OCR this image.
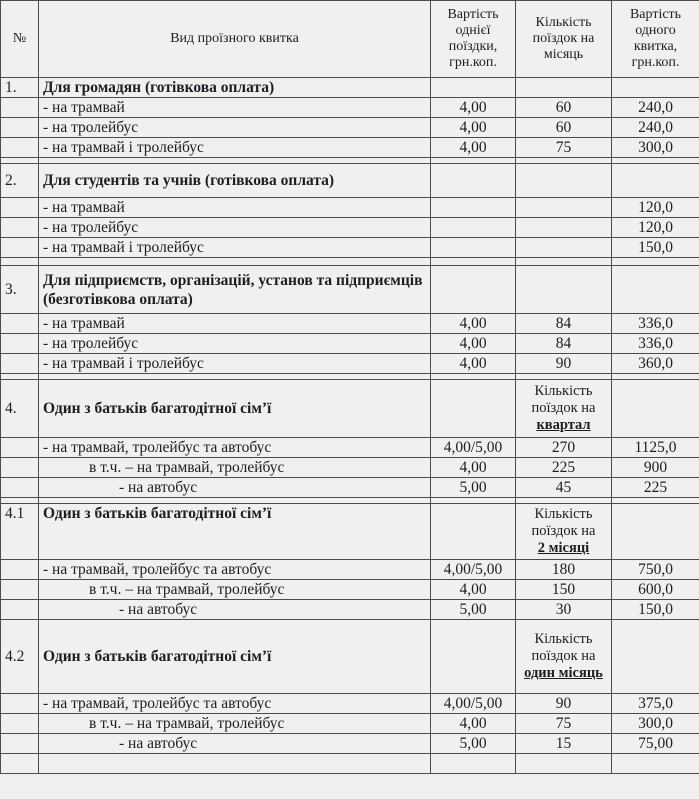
№	Вид проїзного квитка	Вартість однієї поїздки, грн.коп.	Кількість поїздок на місяць	Вартість одного квитка, грн.коп.
1.	Для громадян (готівкова оплата)			
	- на трамвай	4,00	60	240,0
	- на тролейбус	4,00	60	240,0
	- на трамвай і тролейбус	4,00	75	300,0

2.	Для студентів та учнів (готівкова оплата)			
	- на трамвай			120,0
	- на тролейбус			120,0
	- на трамвай і тролейбус			150,0

3.	Для підприємств, організацій, установ та підприємців (безготівкова оплата)			
	- на трамвай	4,00	84	336,0
	- на тролейбус	4,00	84	336,0
	- на трамвай і тролейбус	4,00	90	360,0

4.	Один з батьків багатодітної сім’ї		Кількість поїздок на
квартал	
	- на трамвай, тролейбус та автобус	4,00/5,00	270	1125,0
	в т.ч. – на трамвай, тролейбус	4,00	225	900
	- на автобус	5,00	45	225

4.1	Один з батьків багатодітної сім’ї		Кількість поїздок на
2 місяці	
	- на трамвай, тролейбус та автобус	4,00/5,00	180	750,0
	в т.ч. – на трамвай, тролейбус	4,00	150	600,0
	- на автобус	5,00	30	150,0
4.2	Один з батьків багатодітної сім’ї		Кількість поїздок на
один місяць	
	- на трамвай, тролейбус та автобус	4,00/5,00	90	375,0
	в т.ч. – на трамвай, тролейбус	4,00	75	300,0
	- на автобус	5,00	15	75,00
